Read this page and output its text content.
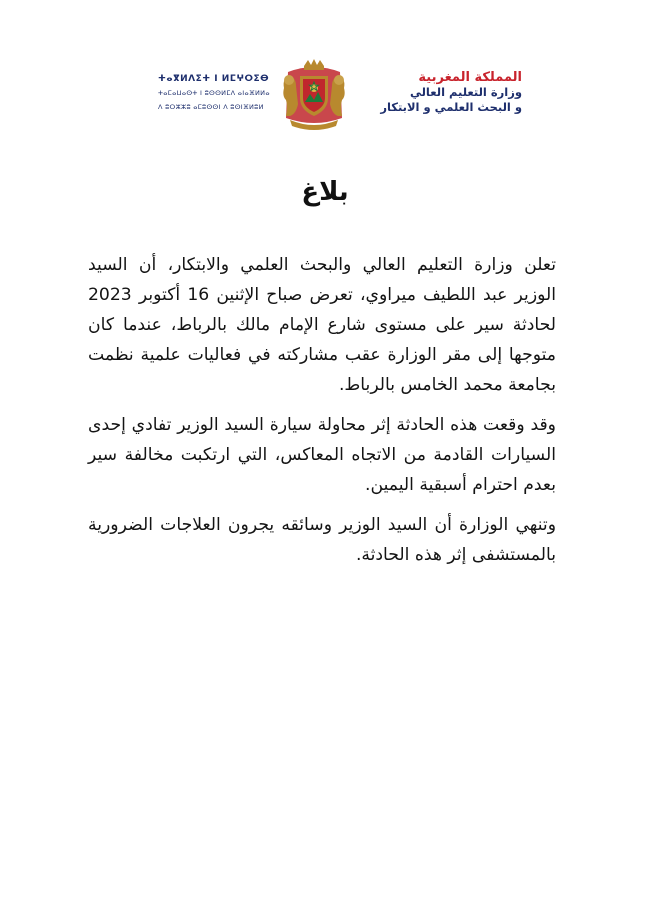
ⵜⴰⴳⵍⴷⵉⵜ ⵏ ⵍⵎⵖⵔⵉⴱ
ⵜⴰⵎⴰⵡⴰⵙⵜ ⵏ ⵓⵙⵙⵍⵎⴷ ⴰⵏⴰⴼⵍⵍⴰ
ⴷ ⵓⵔⵣⵣⵓ ⴰⵎⵓⵙⵙⵏ ⴷ ⵓⵙⵏⴼⵍⵓⵍ
المملكة المغربية
وزارة التعليم العالي
و البحث العلمي و الابتكار
بلاغ

تعلن وزارة التعليم العالي والبحث العلمي والابتكار، أن السيد الوزير عبد اللطيف ميراوي، تعرض صباح الإثنين 16 أكتوبر 2023 لحادثة سير على مستوى شارع الإمام مالك بالرباط، عندما كان متوجها إلى مقر الوزارة عقب مشاركته في فعاليات علمية نظمت بجامعة محمد الخامس بالرباط.

وقد وقعت هذه الحادثة إثر محاولة سيارة السيد الوزير تفادي إحدى السيارات القادمة من الاتجاه المعاكس، التي ارتكبت مخالفة سير بعدم احترام أسبقية اليمين.

وتنهي الوزارة أن السيد الوزير وسائقه يجرون العلاجات الضرورية بالمستشفى إثر هذه الحادثة.
